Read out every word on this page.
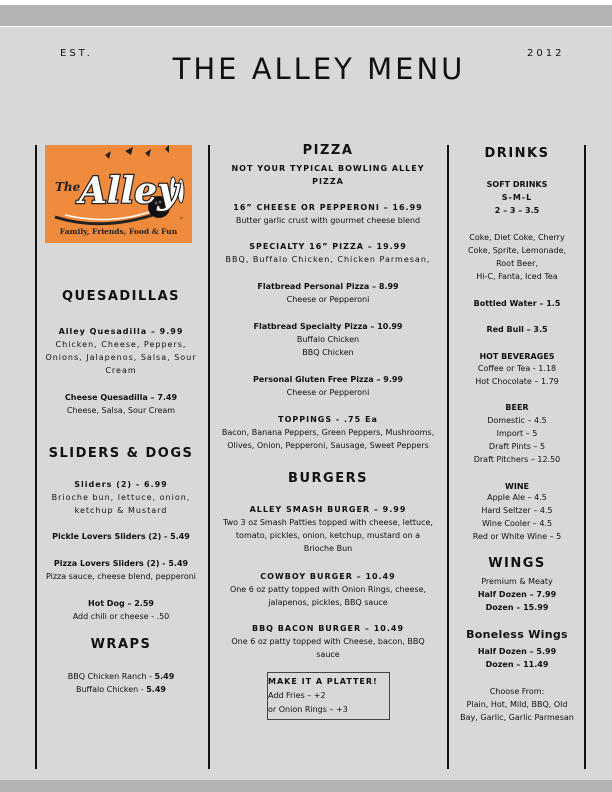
EST.	2012
THE ALLEY MENU
The
Alley
™
Family, Friends, Food & Fun
QUESADILLAS
Alley Quesadilla – 9.99
Chicken, Cheese, Peppers,
Onions, Jalapenos, Salsa, Sour
Cream
Cheese Quesadilla – 7.49
Cheese, Salsa, Sour Cream
SLIDERS & DOGS
Sliders (2) - 6.99
Brioche bun, lettuce, onion,
ketchup & Mustard
Pickle Lovers Sliders (2) - 5.49
Pizza Lovers Sliders (2) - 5.49
Pizza sauce, cheese blend, pepperoni
Hot Dog – 2.59
Add chili or cheese - .50
WRAPS
BBQ Chicken Ranch - 5.49
Buffalo Chicken - 5.49
PIZZA
NOT YOUR TYPICAL BOWLING ALLEY
PIZZA
16” CHEESE OR PEPPERONI – 16.99
Butter garlic crust with gourmet cheese blend
SPECIALTY 16” PIZZA – 19.99
BBQ, Buffalo Chicken, Chicken Parmesan,
Flatbread Personal Pizza – 8.99
Cheese or Pepperoni
Flatbread Specialty Pizza – 10.99
Buffalo Chicken
BBQ Chicken
Personal Gluten Free Pizza – 9.99
Cheese or Pepperoni
TOPPINGS - .75 Ea
Bacon, Banana Peppers, Green Peppers, Mushrooms,
Olives, Onion, Pepperoni, Sausage, Sweet Peppers
BURGERS
ALLEY SMASH BURGER – 9.99
Two 3 oz Smash Patties topped with cheese, lettuce,
tomato, pickles, onion, ketchup, mustard on a
Brioche Bun
COWBOY BURGER – 10.49
One 6 oz patty topped with Onion Rings, cheese,
jalapenos, pickles, BBQ sauce
BBQ BACON BURGER – 10.49
One 6 oz patty topped with Cheese, bacon, BBQ
sauce
MAKE IT A PLATTER!
Add Fries – +2
or Onion Rings – +3
DRINKS
SOFT DRINKS
S-M-L
2 – 3 – 3.5
Coke, Diet Coke, Cherry
Coke, Sprite, Lemonade,
Root Beer,
Hi-C, Fanta, Iced Tea
Bottled Water – 1.5
Red Bull – 3.5
HOT BEVERAGES
Coffee or Tea - 1.18
Hot Chocolate – 1.79
BEER
Domestic – 4.5
Import – 5
Draft Pints – 5
Draft Pitchers – 12.50
WINE
Apple Ale – 4.5
Hard Seltzer – 4.5
Wine Cooler – 4.5
Red or White Wine – 5
WINGS
Premium & Meaty
Half Dozen – 7.99
Dozen – 15.99
Boneless Wings
Half Dozen – 5.99
Dozen – 11.49
Choose From:
Plain, Hot, Mild, BBQ, Old
Bay, Garlic, Garlic Parmesan
